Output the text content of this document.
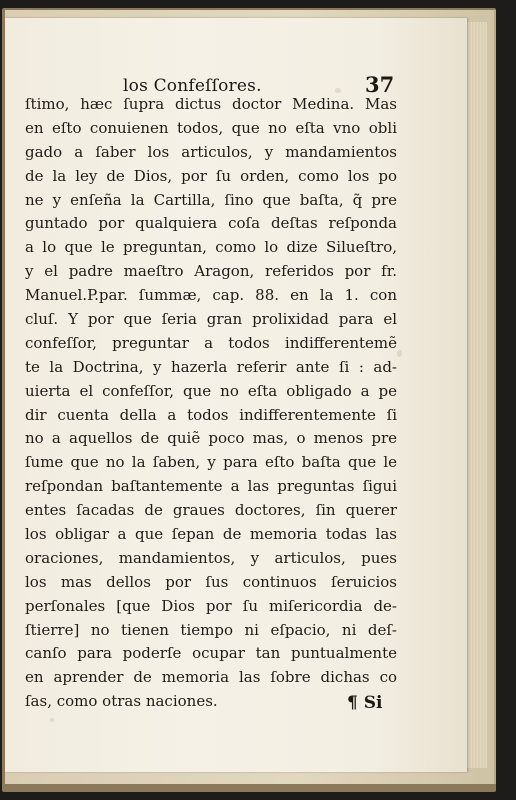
los Confeſſores.	37
ſtimo, hæc ſupra dictus doctor Medina. Mas
en eſto conuienen todos, que no eſta vno obli
gado a ſaber los articulos, y mandamientos
de la ley de Dios, por ſu orden, como los po
ne y enſeña la Cartilla, ſino que baſta, q̃ pre
guntado por qualquiera coſa deſtas reſponda
a lo que le preguntan, como lo dize Silueſtro,
y el padre maeſtro Aragon, referidos por fr.
Manuel.P.par. ſummæ, cap. 88. en la 1. con
cluſ. Y por que ſeria gran prolixidad para el
confeſſor, preguntar a todos indifferentemẽ
te la Doctrina, y hazerla referir ante ſi : ad-
uierta el confeſſor, que no eſta obligado a pe
dir cuenta della a todos indifferentemente ſi
no a aquellos de quiẽ poco mas, o menos pre
ſume que no la ſaben, y para eſto baſta que le
reſpondan baſtantemente a las preguntas ſigui
entes ſacadas de graues doctores, ſin querer
los obligar a que ſepan de memoria todas las
oraciones, mandamientos, y articulos, pues
los mas dellos por ſus continuos ſeruicios
perſonales [que Dios por ſu miſericordia de-
ſtierre] no tienen tiempo ni eſpacio, ni deſ-
canſo para poderſe ocupar tan puntualmente
en aprender de memoria las ſobre dichas co
ſas, como otras naciones.	¶ Si
